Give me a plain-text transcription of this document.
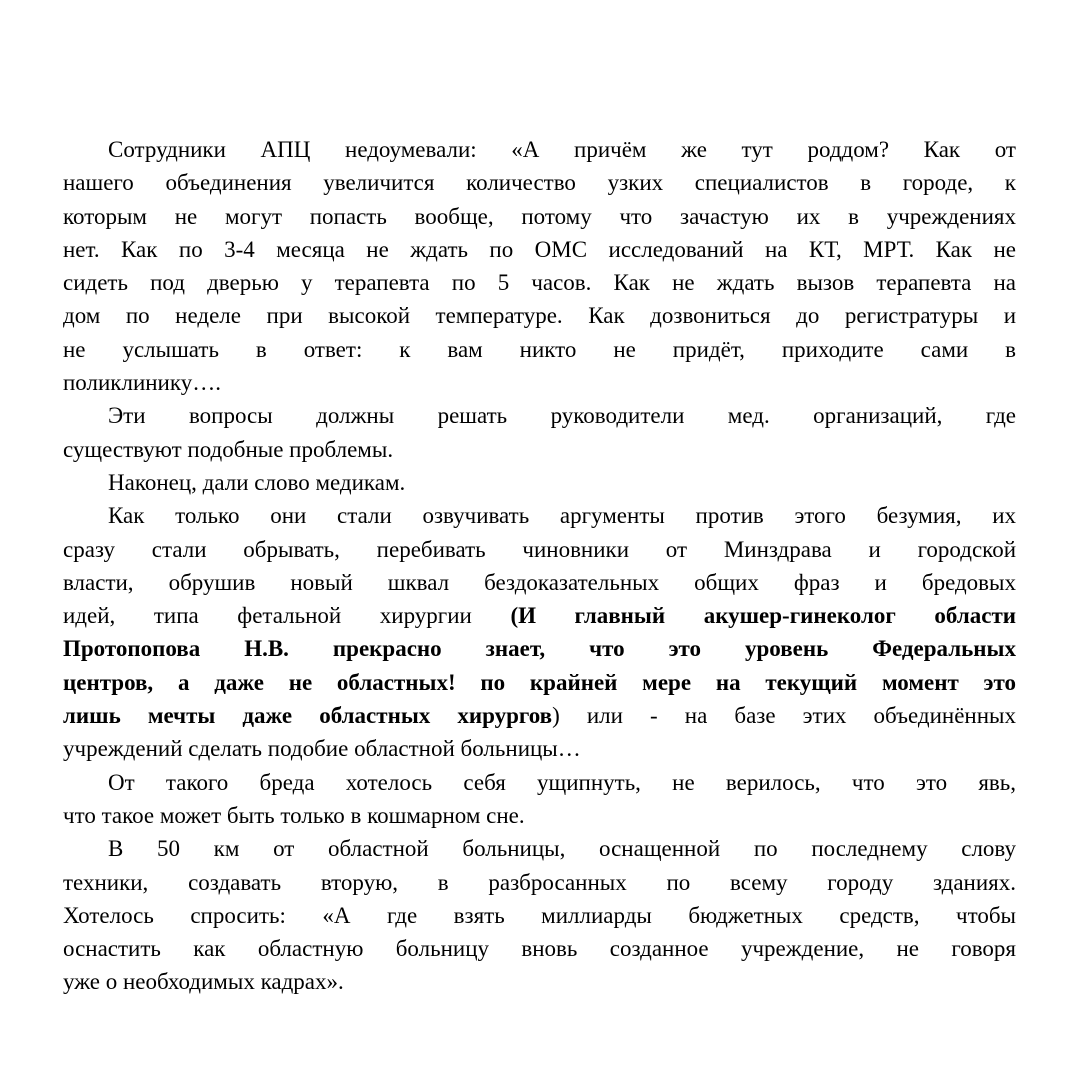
Сотрудники АПЦ недоумевали: «А причём же тут роддом? Как от
нашего объединения увеличится количество узких специалистов в городе, к
которым не могут попасть вообще, потому что зачастую их в учреждениях
нет. Как по 3-4 месяца не ждать по ОМС исследований на КТ, МРТ. Как не
сидеть под дверью у терапевта по 5 часов. Как не ждать вызов терапевта на
дом по неделе при высокой температуре. Как дозвониться до регистратуры и
не услышать в ответ: к вам никто не придёт, приходите сами в
поликлинику….
Эти вопросы должны решать руководители мед. организаций, где
существуют подобные проблемы.
Наконец, дали слово медикам.
Как только они стали озвучивать аргументы против этого безумия, их
сразу стали обрывать, перебивать чиновники от Минздрава и городской
власти, обрушив новый шквал бездоказательных общих фраз и бредовых
идей, типа фетальной хирургии (И главный акушер-гинеколог области
Протопопова Н.В. прекрасно знает, что это уровень Федеральных
центров, а даже не областных! по крайней мере на текущий момент это
лишь мечты даже областных хирургов) или - на базе этих объединённых
учреждений сделать подобие областной больницы…
От такого бреда хотелось себя ущипнуть, не верилось, что это явь,
что такое может быть только в кошмарном сне.
В 50 км от областной больницы, оснащенной по последнему слову
техники, создавать вторую, в разбросанных по всему городу зданиях.
Хотелось спросить: «А где взять миллиарды бюджетных средств, чтобы
оснастить как областную больницу вновь созданное учреждение, не говоря
уже о необходимых кадрах».
